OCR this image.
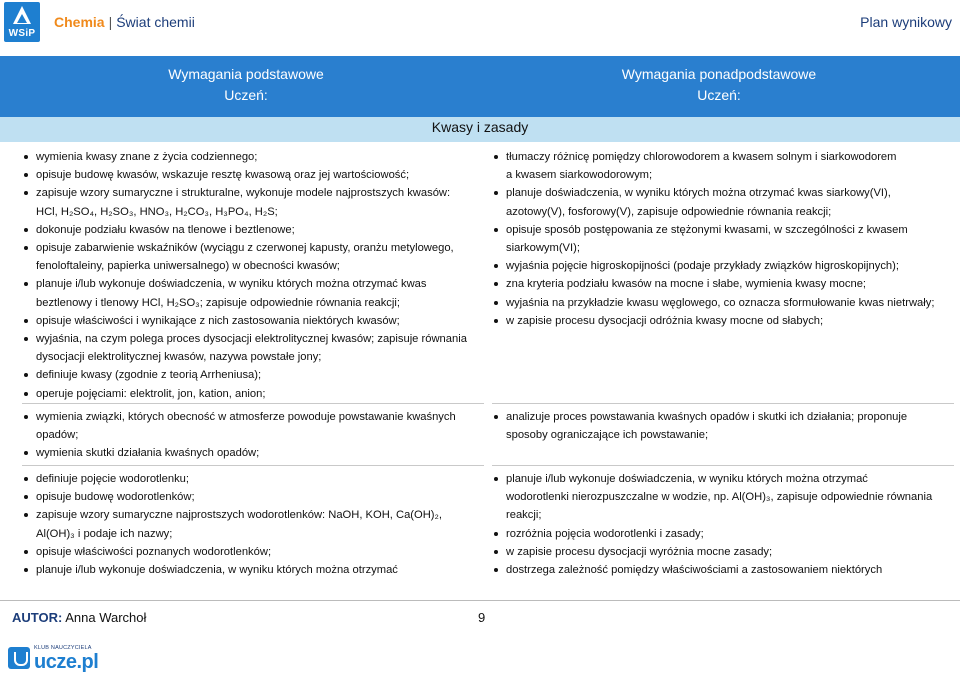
WSiP
Chemia | Świat chemii	Plan wynikowy
Wymagania podstawowe
Uczeń:
Wymagania ponadpodstawowe
Uczeń:
Kwasy i zasady
wymienia kwasy znane z życia codziennego;
opisuje budowę kwasów, wskazuje resztę kwasową oraz jej wartościowość;
zapisuje wzory sumaryczne i strukturalne, wykonuje modele najprostszych kwasów:
HCl, H₂SO₄, H₂SO₃, HNO₃, H₂CO₃, H₃PO₄, H₂S;
dokonuje podziału kwasów na tlenowe i beztlenowe;
opisuje zabarwienie wskaźników (wyciągu z czerwonej kapusty, oranżu metylowego,
fenoloftaleiny, papierka uniwersalnego) w obecności kwasów;
planuje i/lub wykonuje doświadczenia, w wyniku których można otrzymać kwas
beztlenowy i tlenowy HCl, H₂SO₃; zapisuje odpowiednie równania reakcji;
opisuje właściwości i wynikające z nich zastosowania niektórych kwasów;
wyjaśnia, na czym polega proces dysocjacji elektrolitycznej kwasów; zapisuje równania
dysocjacji elektrolitycznej kwasów, nazywa powstałe jony;
definiuje kwasy (zgodnie z teorią Arrheniusa);
operuje pojęciami: elektrolit, jon, kation, anion;
tłumaczy różnicę pomiędzy chlorowodorem a kwasem solnym i siarkowodorem
a kwasem siarkowodorowym;
planuje doświadczenia, w wyniku których można otrzymać kwas siarkowy(VI),
azotowy(V), fosforowy(V), zapisuje odpowiednie równania reakcji;
opisuje sposób postępowania ze stężonymi kwasami, w szczególności z kwasem
siarkowym(VI);
wyjaśnia pojęcie higroskopijności (podaje przykłady związków higroskopijnych);
zna kryteria podziału kwasów na mocne i słabe, wymienia kwasy mocne;
wyjaśnia na przykładzie kwasu węglowego, co oznacza sformułowanie kwas nietrwały;
w zapisie procesu dysocjacji odróżnia kwasy mocne od słabych;
wymienia związki, których obecność w atmosferze powoduje powstawanie kwaśnych
opadów;
wymienia skutki działania kwaśnych opadów;
analizuje proces powstawania kwaśnych opadów i skutki ich działania; proponuje
sposoby ograniczające ich powstawanie;
definiuje pojęcie wodorotlenku;
opisuje budowę wodorotlenków;
zapisuje wzory sumaryczne najprostszych wodorotlenków: NaOH, KOH, Ca(OH)₂,
Al(OH)₃ i podaje ich nazwy;
opisuje właściwości poznanych wodorotlenków;
planuje i/lub wykonuje doświadczenia, w wyniku których można otrzymać
planuje i/lub wykonuje doświadczenia, w wyniku których można otrzymać
wodorotlenki nierozpuszczalne w wodzie, np. Al(OH)₃, zapisuje odpowiednie równania
reakcji;
rozróżnia pojęcia wodorotlenki i zasady;
w zapisie procesu dysocjacji wyróżnia mocne zasady;
dostrzega zależność pomiędzy właściwościami a zastosowaniem niektórych
AUTOR: Anna Warchoł	9
KLUB NAUCZYCIELA
ucze.pl
